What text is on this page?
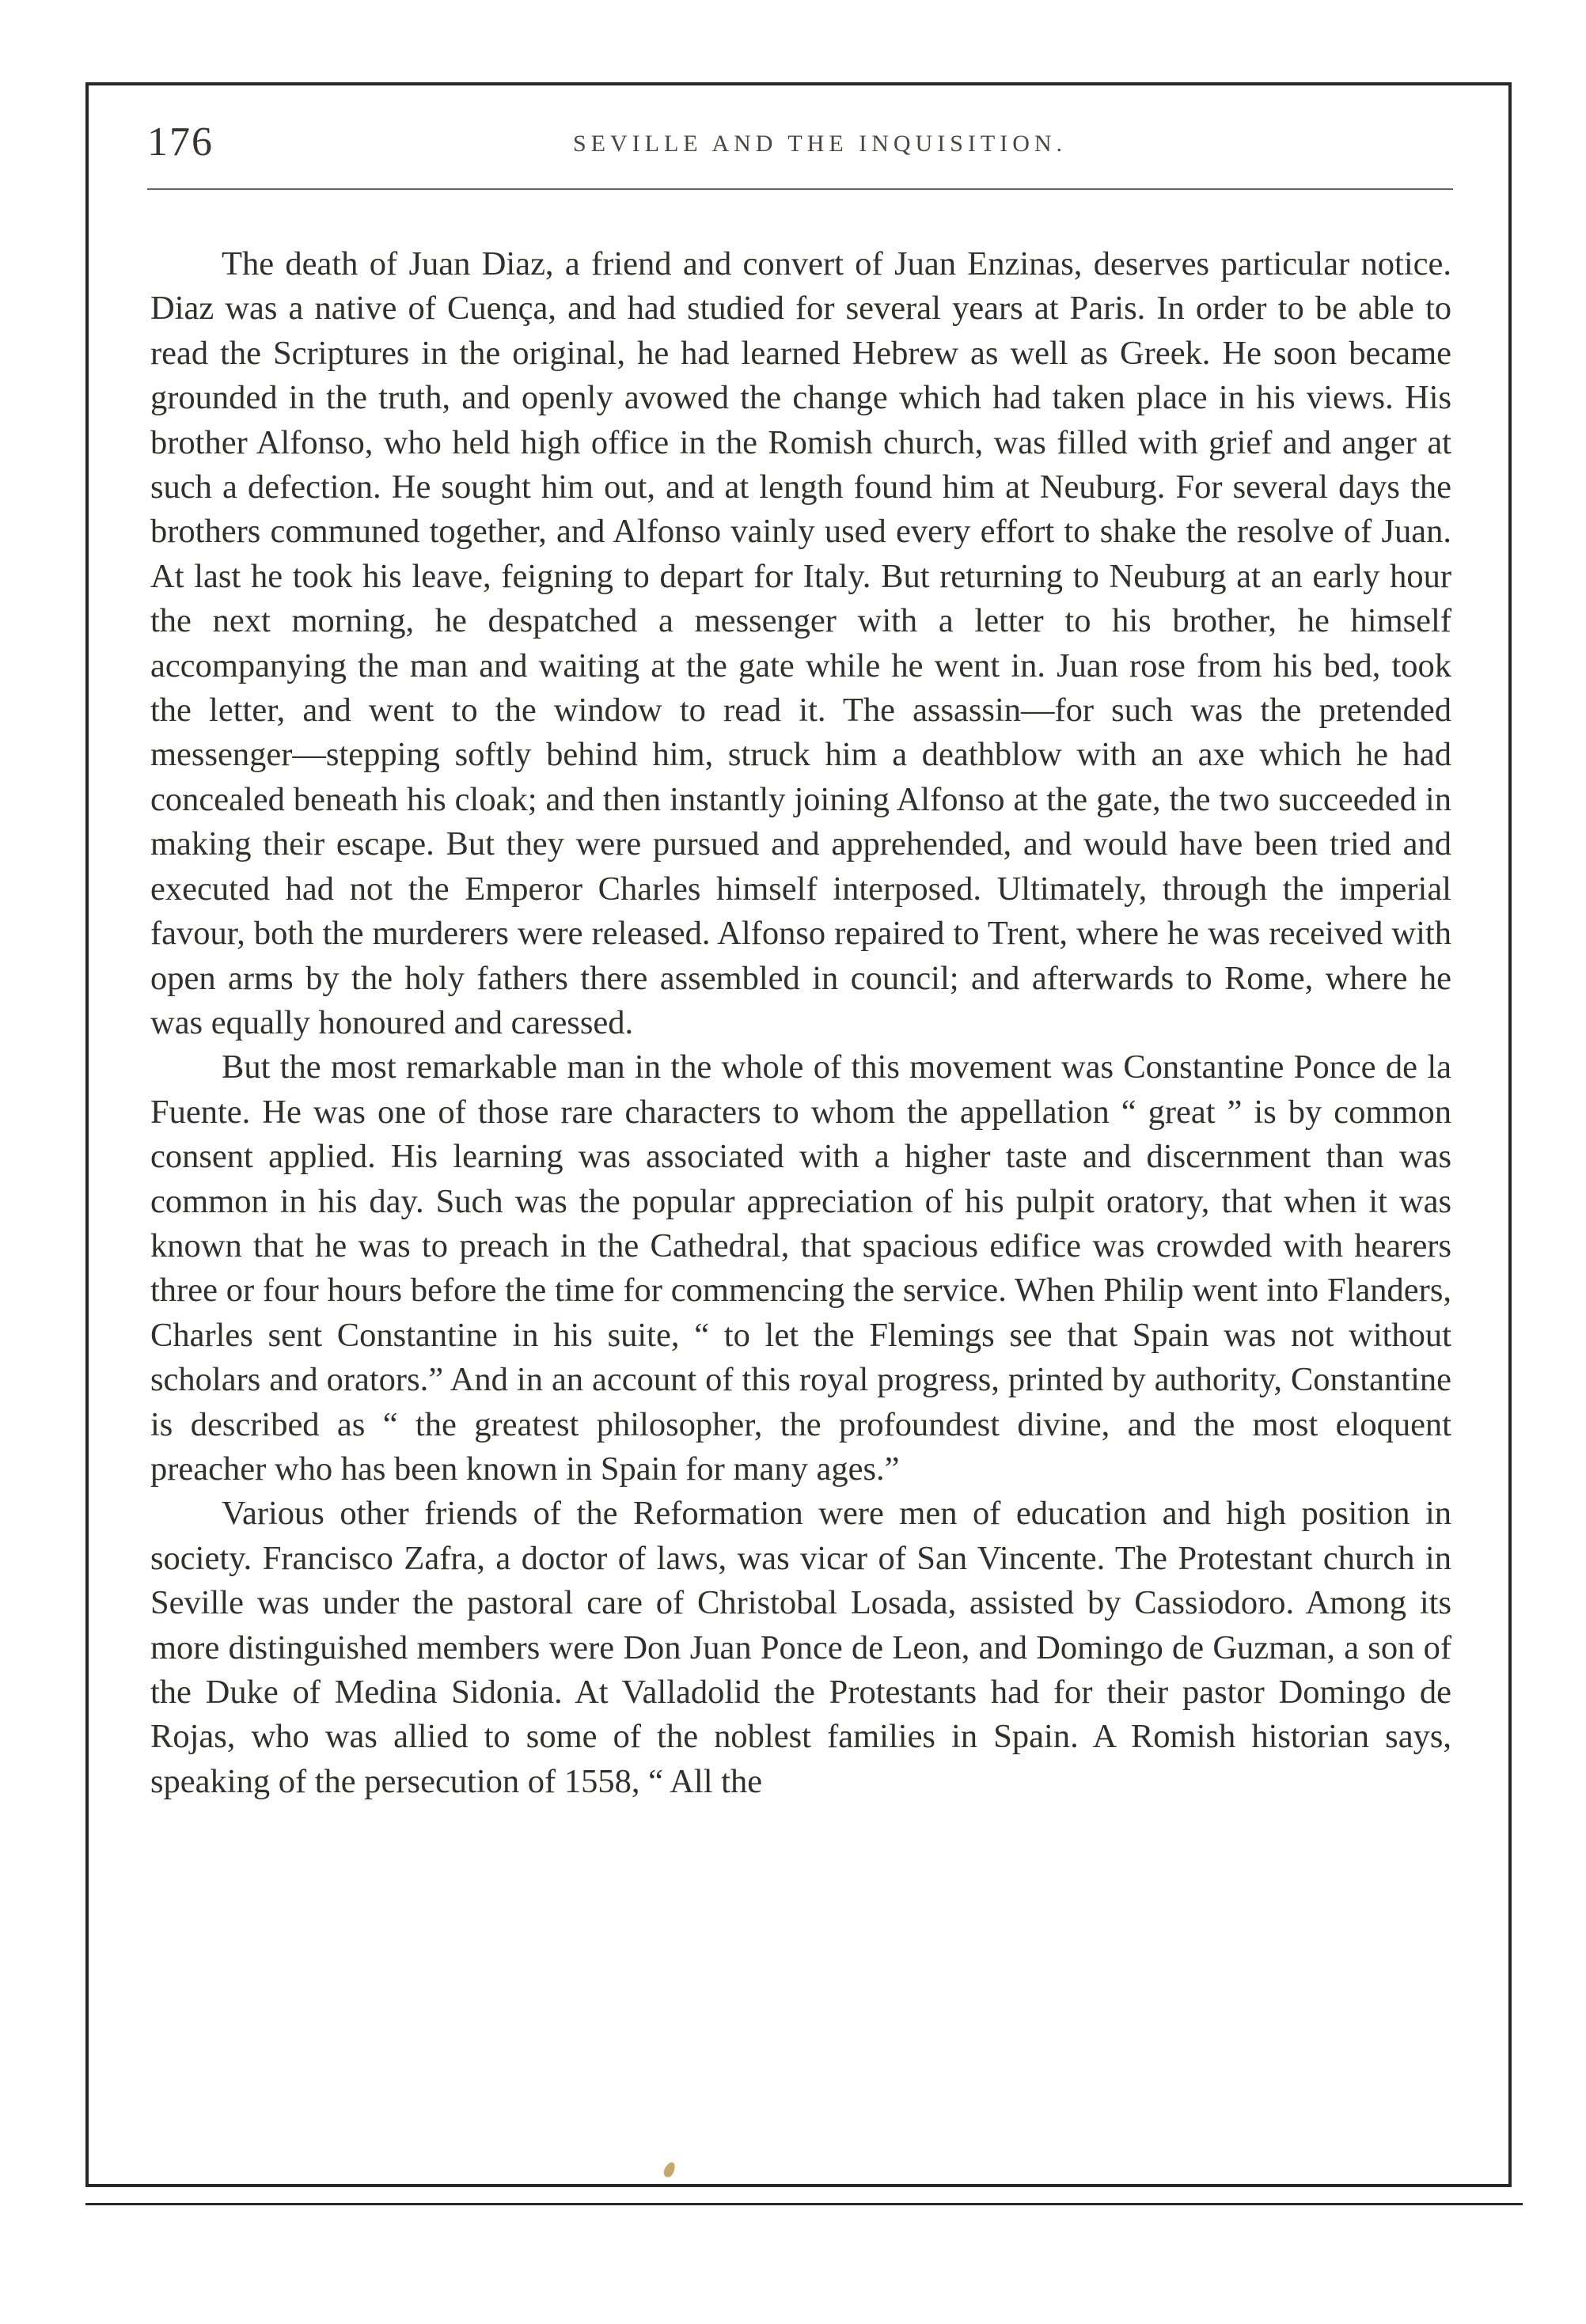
176	SEVILLE AND THE INQUISITION.

The death of Juan Diaz, a friend and convert of Juan Enzinas, deserves particular notice. Diaz was a native of Cuença, and had studied for several years at Paris. In order to be able to read the Scriptures in the original, he had learned Hebrew as well as Greek. He soon became grounded in the truth, and openly avowed the change which had taken place in his views. His brother Alfonso, who held high office in the Romish church, was filled with grief and anger at such a defection. He sought him out, and at length found him at Neuburg. For several days the brothers communed together, and Alfonso vainly used every effort to shake the resolve of Juan. At last he took his leave, feigning to depart for Italy. But returning to Neuburg at an early hour the next morning, he despatched a messenger with a letter to his brother, he himself accompanying the man and waiting at the gate while he went in. Juan rose from his bed, took the letter, and went to the window to read it. The assassin—for such was the pretended messenger—stepping softly behind him, struck him a deathblow with an axe which he had concealed beneath his cloak; and then instantly joining Alfonso at the gate, the two succeeded in making their escape. But they were pursued and apprehended, and would have been tried and executed had not the Emperor Charles himself interposed. Ultimately, through the imperial favour, both the murderers were released. Alfonso repaired to Trent, where he was received with open arms by the holy fathers there assembled in council; and afterwards to Rome, where he was equally honoured and caressed.

But the most remarkable man in the whole of this movement was Constantine Ponce de la Fuente. He was one of those rare characters to whom the appellation “ great ” is by common consent applied. His learning was associated with a higher taste and discernment than was common in his day. Such was the popular appreciation of his pulpit oratory, that when it was known that he was to preach in the Cathedral, that spacious edifice was crowded with hearers three or four hours before the time for commencing the service. When Philip went into Flanders, Charles sent Constantine in his suite, “ to let the Flemings see that Spain was not without scholars and orators.” And in an account of this royal progress, printed by authority, Constantine is described as “ the greatest philosopher, the profoundest divine, and the most eloquent preacher who has been known in Spain for many ages.”

Various other friends of the Reformation were men of education and high position in society. Francisco Zafra, a doctor of laws, was vicar of San Vincente. The Protestant church in Seville was under the pastoral care of Christobal Losada, assisted by Cassiodoro. Among its more distinguished members were Don Juan Ponce de Leon, and Domingo de Guzman, a son of the Duke of Medina Sidonia. At Valladolid the Protestants had for their pastor Domingo de Rojas, who was allied to some of the noblest families in Spain. A Romish historian says, speaking of the persecution of 1558, “ All the
